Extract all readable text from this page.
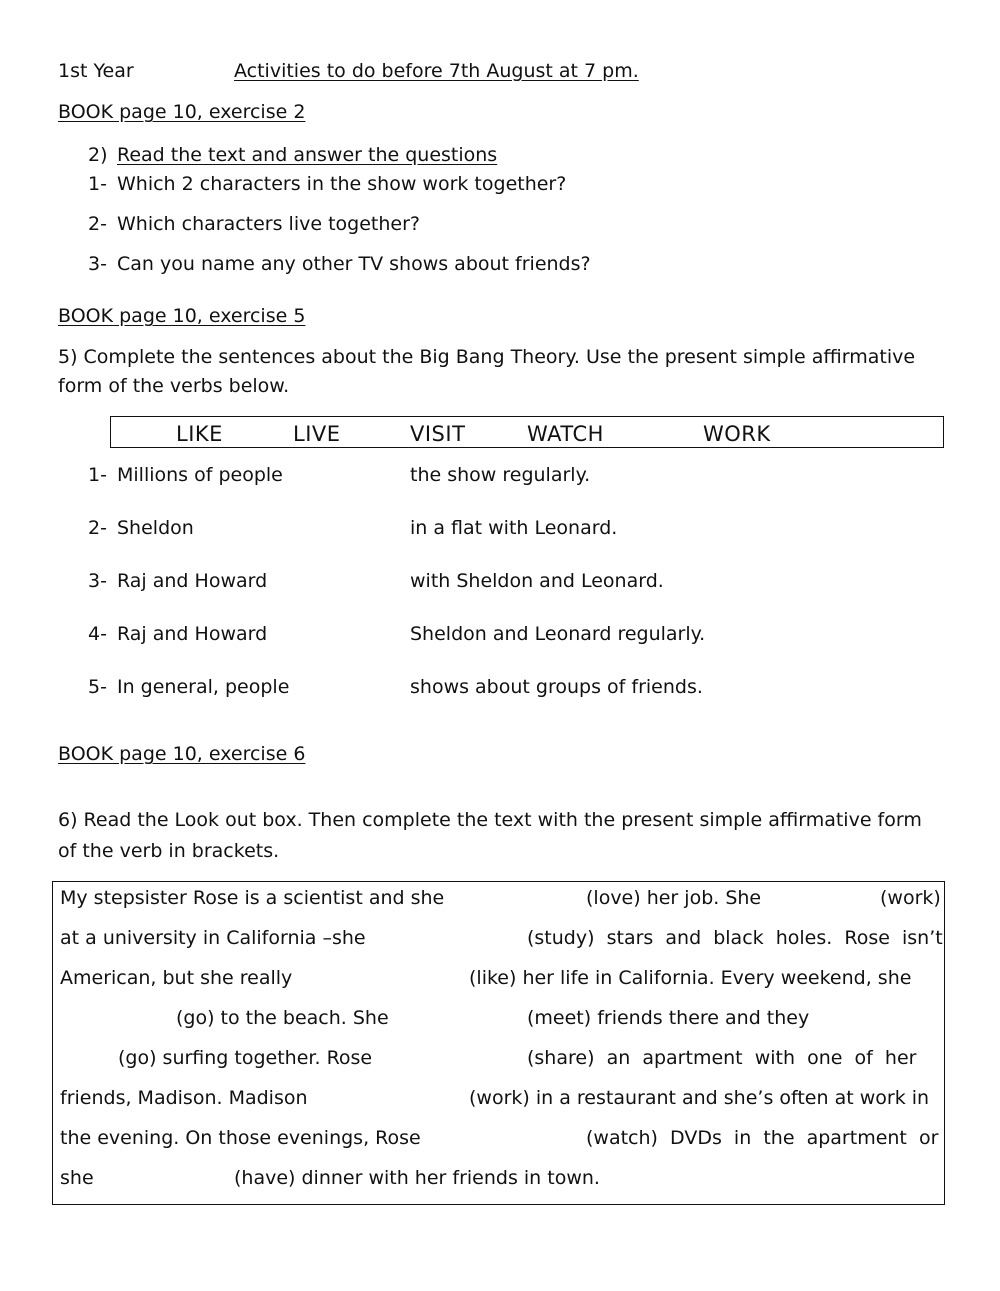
1st Year	Activities to do before 7th August at 7 pm.
BOOK page 10, exercise 2
2) Read the text and answer the questions
1- Which 2 characters in the show work together?
2- Which characters live together?
3- Can you name any other TV shows about friends?
BOOK page 10, exercise 5
5) Complete the sentences about the Big Bang Theory. Use the present simple affirmative
form of the verbs below.
LIKE	LIVE	VISIT	WATCH	WORK
1- Millions of people	the show regularly.
2- Sheldon	in a flat with Leonard.
3- Raj and Howard	with Sheldon and Leonard.
4- Raj and Howard	Sheldon and Leonard regularly.
5- In general, people	shows about groups of friends.
BOOK page 10, exercise 6
6) Read the Look out box. Then complete the text with the present simple affirmative form
of the verb in brackets.
My stepsister Rose is a scientist and she	(love) her job. She	(work)
at a university in California –she	(study)  stars  and  black  holes.  Rose  isn’t
American, but she really	(like) her life in California. Every weekend, she
(go) to the beach. She	(meet) friends there and they
(go) surfing together. Rose	(share)  an  apartment  with  one  of  her
friends, Madison. Madison	(work) in a restaurant and she’s often at work in
the evening. On those evenings, Rose	(watch)  DVDs  in  the  apartment  or
she	(have) dinner with her friends in town.
